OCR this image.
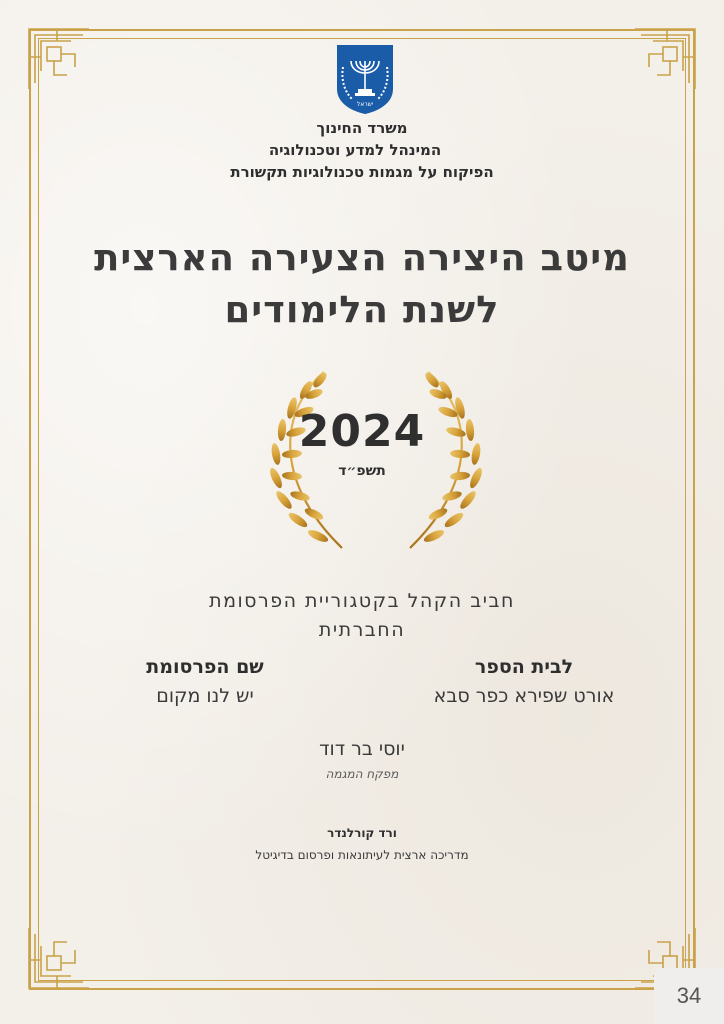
ישראל
משרד החינוך
המינהל למדע וטכנולוגיה
הפיקוח על מגמות טכנולוגיות תקשורת
מיטב היצירה הצעירה הארצית
לשנת הלימודים
2024
תשפ״ד
חביב הקהל בקטגוריית הפרסומת
החברתית
לבית הספר
אורט שפירא כפר סבא
שם הפרסומת
יש לנו מקום
יוסי בר דוד
מפקח המגמה
ורד קורלנדר
מדריכה ארצית לעיתונאות ופרסום בדיגיטל
34
